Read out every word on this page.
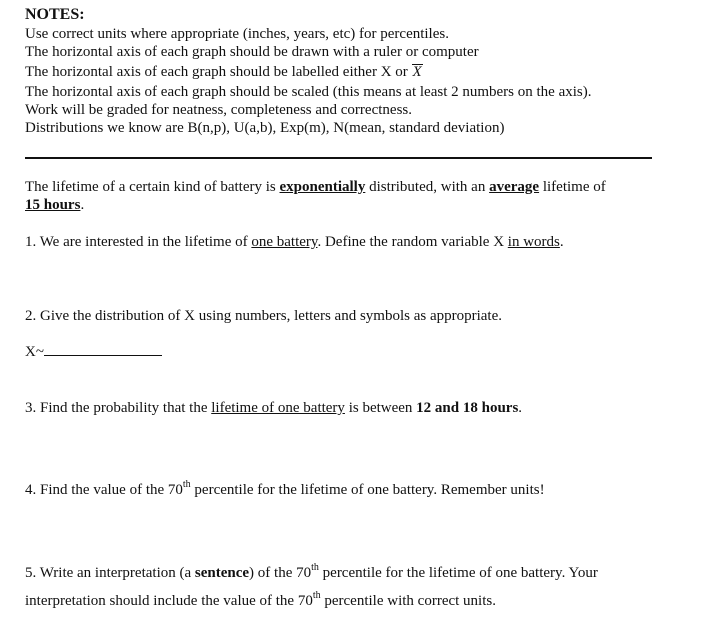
NOTES:
Use correct units where appropriate (inches, years, etc) for percentiles.
The horizontal axis of each graph should be drawn with a ruler or computer
The horizontal axis of each graph should be labelled either X or X
The horizontal axis of each graph should be scaled (this means at least 2 numbers on the axis).
Work will be graded for neatness, completeness and correctness.
Distributions we know are B(n,p), U(a,b), Exp(m), N(mean, standard deviation)
The lifetime of a certain kind of battery is exponentially distributed, with an average lifetime of
15 hours.
1. We are interested in the lifetime of one battery. Define the random variable X in words.
2. Give the distribution of X using numbers, letters and symbols as appropriate.
X~
3. Find the probability that the lifetime of one battery is between 12 and 18 hours.
4. Find the value of the 70th percentile for the lifetime of one battery. Remember units!
5. Write an interpretation (a sentence) of the 70th percentile for the lifetime of one battery. Your
interpretation should include the value of the 70th percentile with correct units.
